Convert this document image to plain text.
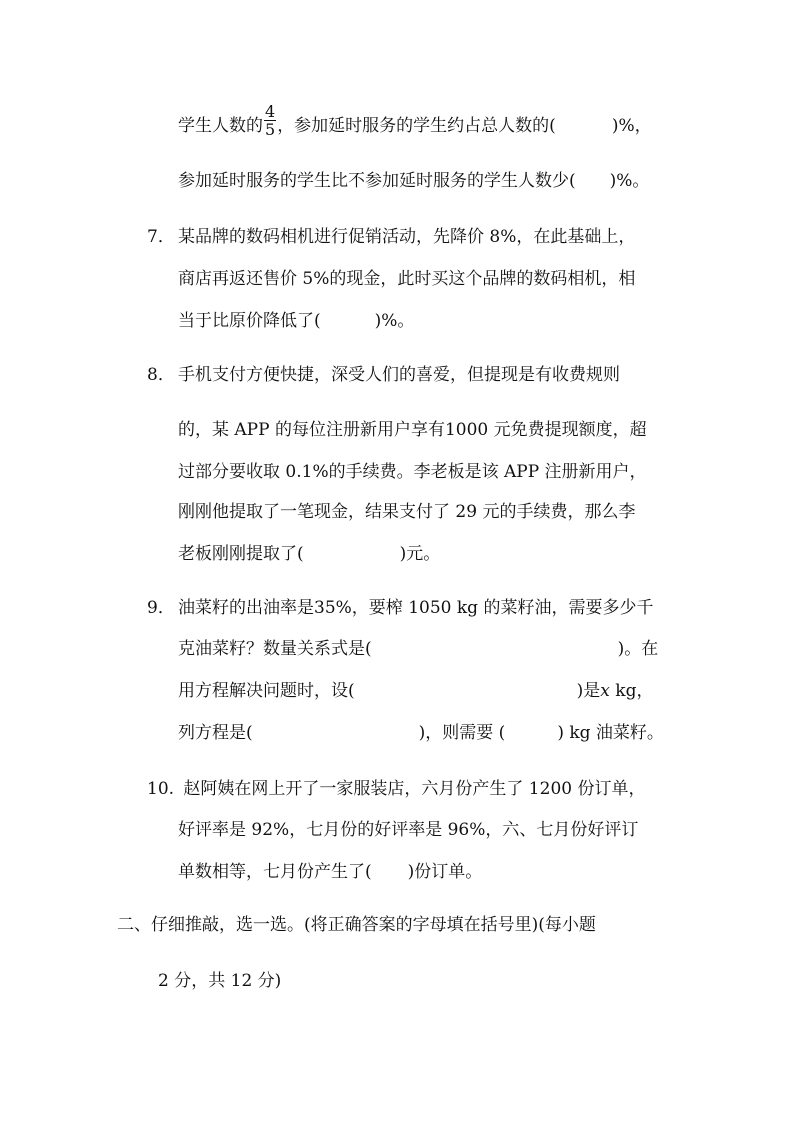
学生人数的 $\frac{4}{5}$ ，参加延时服务的学生约占总人数的(	)%，
参加延时服务的学生比不参加延时服务的学生人数少( )%。
7． 某品牌的数码相机进行促销活动，先降价 8%，在此基础上，
商店再返还售价 5%的现金，此时买这个品牌的数码相机，相
当于比原价降低了(	)%。
8． 手机支付方便快捷，深受人们的喜爱，但提现是有收费规则
的，某 APP 的每位注册新用户享有1000 元免费提现额度，超
过部分要收取 0.1%的手续费。李老板是该 APP 注册新用户，
刚刚他提取了一笔现金，结果支付了 29 元的手续费，那么李
老板刚刚提取了(	)元。
9． 油菜籽的出油率是35%，要榨 1050 kg 的菜籽油，需要多少千
克油菜籽？数量关系式是(	)。在
用方程解决问题时，设(	)是x kg，
列方程是(	)，则需要 (	) kg 油菜籽。
10. 赵阿姨在网上开了一家服装店，六月份产生了 1200 份订单，
好评率是 92%，七月份的好评率是 96%，六、七月份好评订
单数相等，七月份产生了( )份订单。
二、仔细推敲，选一选。(将正确答案的字母填在括号里)(每小题
2 分，共 12 分)
